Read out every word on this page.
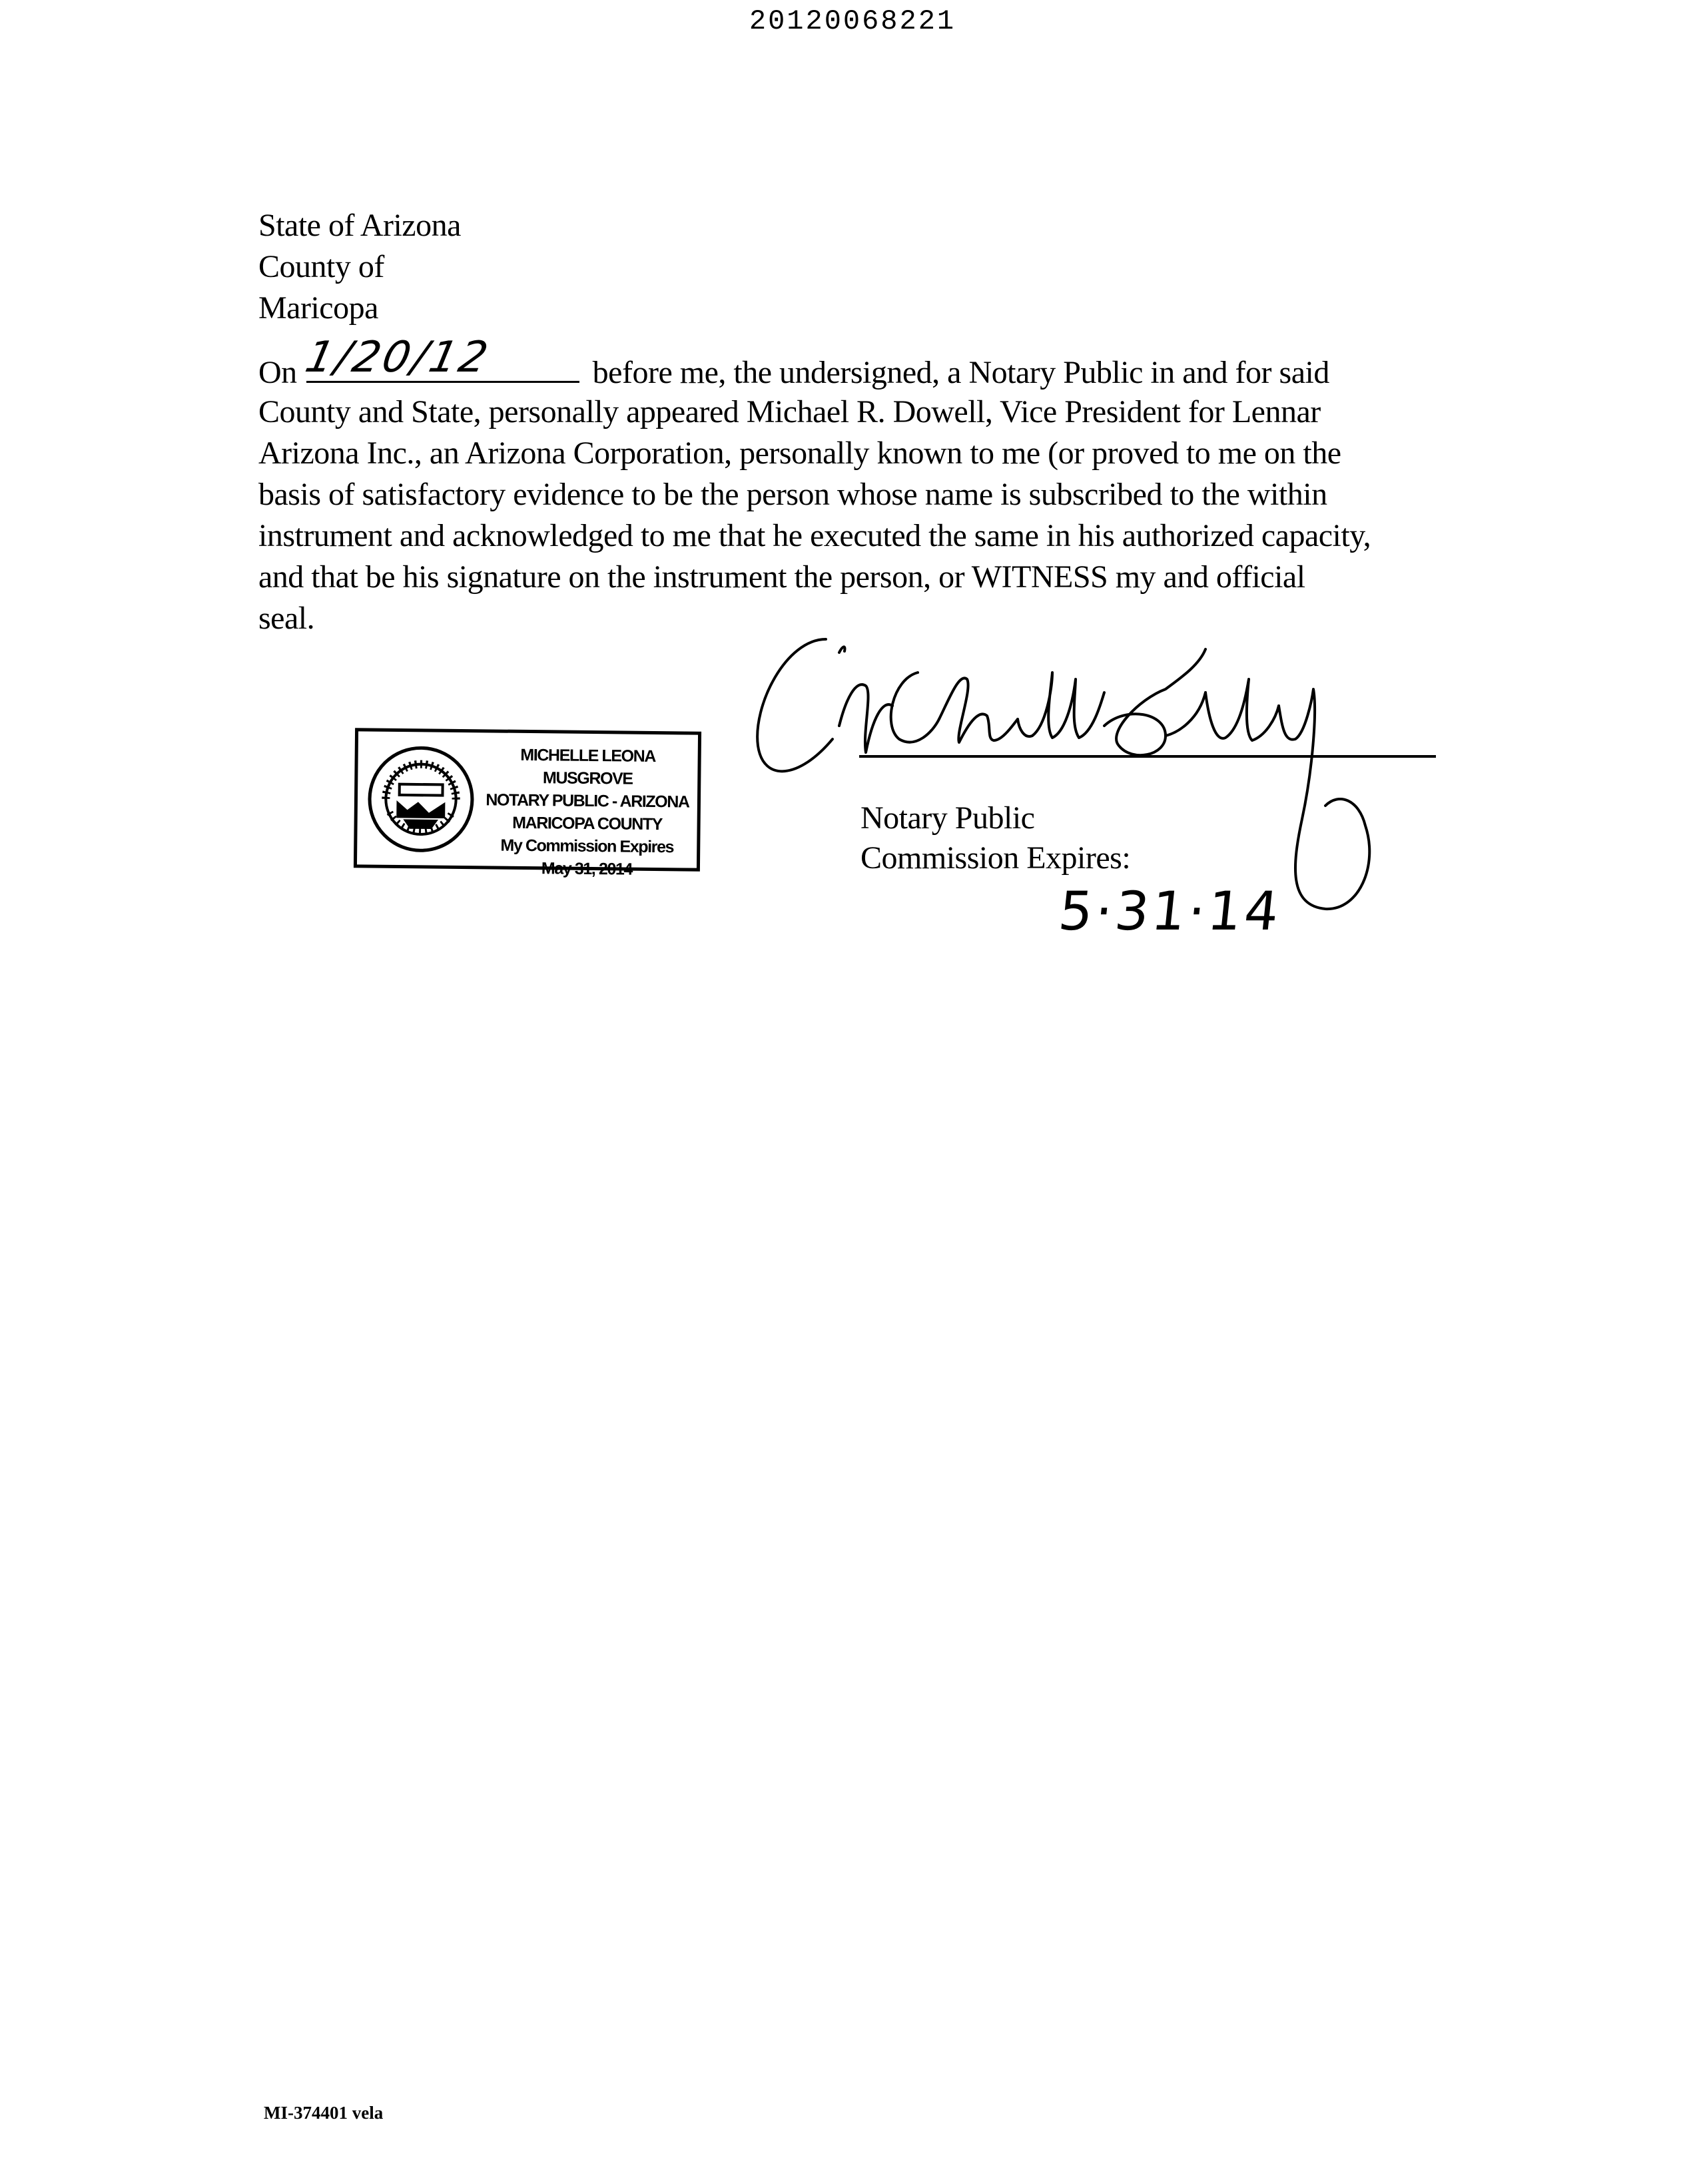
20120068221
State of Arizona
County of
Maricopa
On 1/20/12	before me, the undersigned, a Notary Public in and for said
County and State, personally appeared Michael R. Dowell, Vice President for Lennar
Arizona Inc., an Arizona Corporation, personally known to me (or proved to me on the
basis of satisfactory evidence to be the person whose name is subscribed to the within
instrument and acknowledged to me that he executed the same in his authorized capacity,
and that be his signature on the instrument the person, or WITNESS my and official
seal.
MICHELLE LEONA MUSGROVE
NOTARY PUBLIC - ARIZONA
MARICOPA COUNTY
My Commission Expires
May 31, 2014
Notary Public
Commission Expires:
5·31·14
MI-374401 vela
